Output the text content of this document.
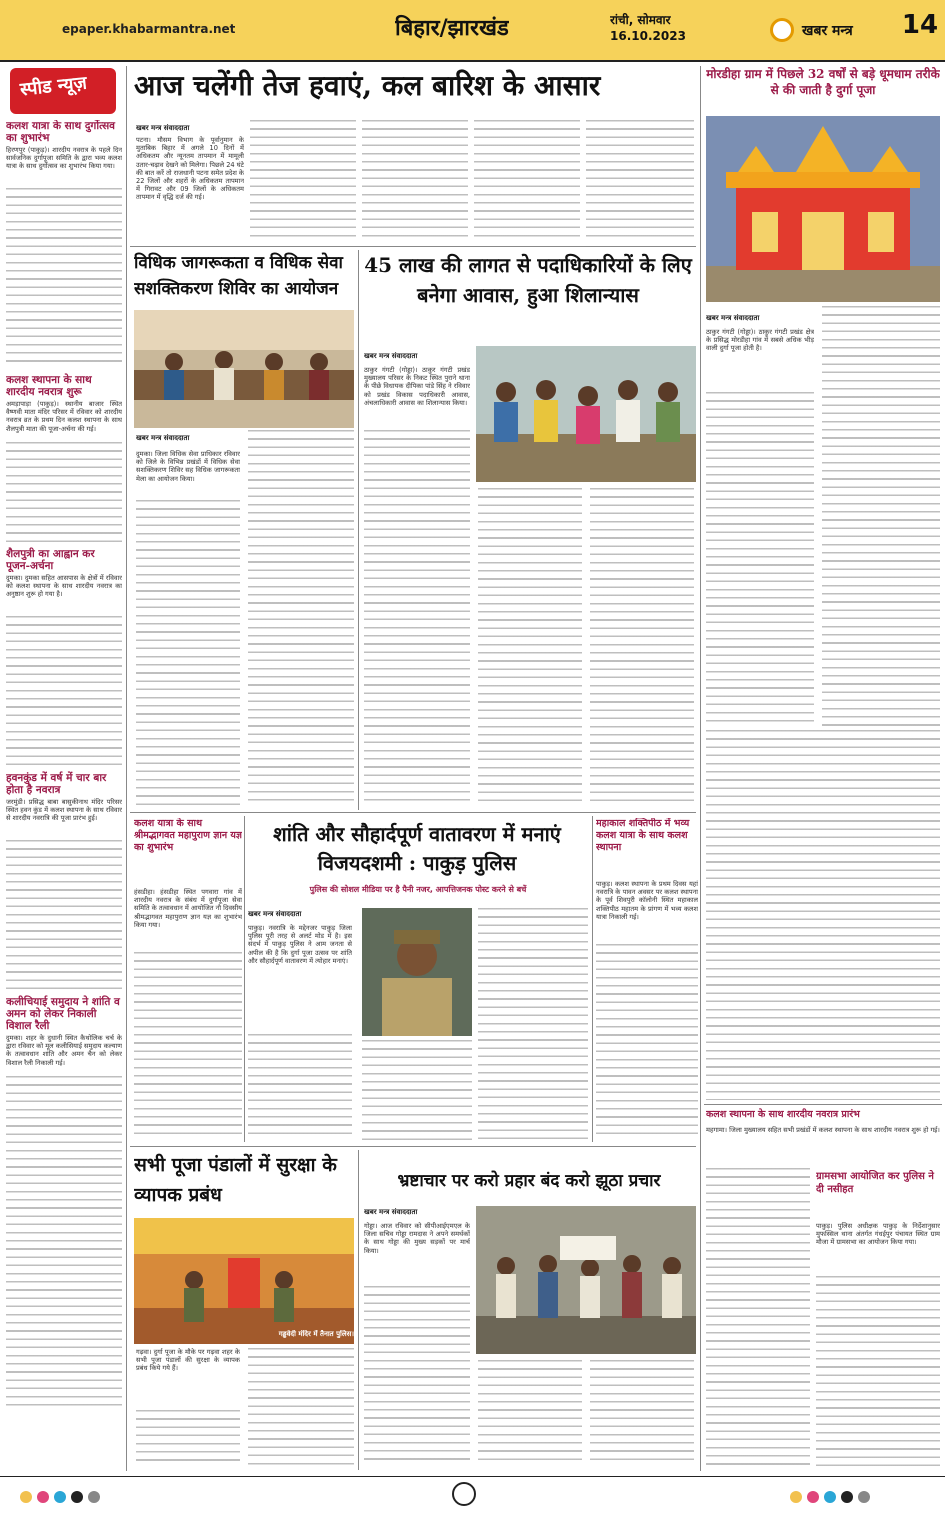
epaper.khabarmantra.net	बिहार/झारखंड	रांची, सोमवार
16.10.2023	खबर मन्त्र 14
स्पीड न्यूज़
कलश यात्रा के साथ दुर्गोत्सव का शुभारंभ
हिरणपुर (पाकुड़)। शारदीय नवरात्र के पहले दिन सार्वजनिक दुर्गापूजा समिति के द्वारा भव्य कलश यात्रा के साथ दुर्गोत्सव का शुभारंभ किया गया।
कलश स्थापना के साथ शारदीय नवरात्र शुरू
अमड़ापाड़ा (पाकुड़)। स्थानीय बाजार स्थित वैष्णवी माता मंदिर परिसर में रविवार को शारदीय नवरात्र व्रत के प्रथम दिन कलश स्थापना के साथ शैलपुत्री माता की पूजा-अर्चना की गई।
शैलपुत्री का आह्वान कर पूजन-अर्चना
दुमका। दुमका सहित आसपास के क्षेत्रों में रविवार को कलश स्थापना के साथ शारदीय नवरात्र का अनुष्ठान शुरू हो गया है।
हवनकुंड में वर्ष में चार बार होता है नवरात्र
जरमुंडी। प्रसिद्ध बाबा बासुकीनाथ मंदिर परिसर स्थित हवन कुंड में कलश स्थापना के साथ रविवार से शारदीय नवरात्रि की पूजा प्रारंभ हुई।
कलीचियाई समुदाय ने शांति व अमन को लेकर निकाली विशाल रैली
दुमका। शहर के दुधानी स्थित कैथोलिक चर्च के द्वारा रविवार को मूल कलीसियाई समुदाय कल्याण के तत्वावधान शांति और अमन चैन को लेकर विशाल रैली निकाली गई।
आज चलेंगी तेज हवाएं, कल बारिश के आसार
खबर मन्त्र संवाददाता
पटना। मौसम विभाग के पूर्वानुमान के मुताबिक बिहार में अगले 10 दिनों में अधिकतम और न्यूनतम तापमान में मामूली उतार-चढ़ाव देखने को मिलेगा। पिछले 24 घंटे की बात करें तो राजधानी पटना समेत प्रदेश के 22 जिलों और शहरों के अधिकतम तापमान में गिरावट और 09 जिलों के अधिकतम तापमान में वृद्धि दर्ज की गई।
विधिक जागरूकता व विधिक सेवा सशक्तिकरण शिविर का आयोजन
खबर मन्त्र संवाददाता
दुमका। जिला विधिक सेवा प्राधिकार रविवार को जिले के विभिन्न प्रखंडों में विधिक सेवा सशक्तिकरण शिविर सह विधिक जागरूकता मेला का आयोजन किया।
45 लाख की लागत से पदाधिकारियों के लिए बनेगा आवास, हुआ शिलान्यास
खबर मन्त्र संवाददाता
ठाकुर गंगटी (गोड्डा)। ठाकुर गंगटी प्रखंड मुख्यालय परिसर के निकट स्थित पुराने थाना के पीछे विधायक दीपिका पांडे सिंह ने रविवार को प्रखंड विकास पदाधिकारी आवास, अंचलाधिकारी आवास का शिलान्यास किया।
मोरडीहा ग्राम में पिछले 32 वर्षों से बड़े धूमधाम तरीके से की जाती है दुर्गा पूजा
खबर मन्त्र संवाददाता
ठाकुर गंगटी (गोड्डा)। ठाकुर गंगटी प्रखंड क्षेत्र के प्रसिद्ध मोरडीहा गांव में सबसे अधिक भीड़ वाली दुर्गा पूजा होती है।
शांति और सौहार्दपूर्ण वातावरण में मनाएं विजयदशमी : पाकुड़ पुलिस
पुलिस की सोशल मीडिया पर है पैनी नजर, आपत्तिजनक पोस्ट करने से बचें
खबर मन्त्र संवाददाता
पाकुड़। नवरात्रि के मद्देनजर पाकुड़ जिला पुलिस पूरी तरह से अलर्ट मोड में है। इस संदर्भ में पाकुड़ पुलिस ने आम जनता से अपील की है कि दुर्गा पूजा उत्सव पर शांति और सौहार्दपूर्ण वातावरण में त्योहार मनाएं।
कलश यात्रा के साथ श्रीमद्भागवत महापुराण ज्ञान यज्ञ का शुभारंभ
हंसडीहा। हंसडीहा स्थित पगवारा गांव में शारदीय नवरात्र के संबंध में दुर्गापूजा सेवा समिति के तत्वावधान में आयोजित नौ दिवसीय श्रीमद्भागवत महापुराण ज्ञान यज्ञ का शुभारंभ किया गया।
महाकाल शक्तिपीठ में भव्य कलश यात्रा के साथ कलश स्थापना
पाकुड़। कलश स्थापना के प्रथम दिवस यहां नवरात्रि के पावन अवसर पर कलश स्थापना के पूर्व शिवपुरी कॉलोनी स्थित महाकाल शक्तिपीठ महातम के प्रांगण में भव्य कलश यात्रा निकाली गई।
कलश स्थापना के साथ शारदीय नवरात्र प्रारंभ
महगामा। जिला मुख्यालय सहित सभी प्रखंडों में कलश स्थापना के साथ शारदीय नवरात्र शुरू हो गई।
सभी पूजा पंडालों में सुरक्षा के व्यापक प्रबंध
गड्ढवेदी मंदिर में तैनात पुलिस।
गढ़वा। दुर्गा पूजा के मौके पर गढ़वा शहर के सभी पूजा पंडालों की सुरक्षा के व्यापक प्रबंध किये गये हैं।
भ्रष्टाचार पर करो प्रहार बंद करो झूठा प्रचार
खबर मन्त्र संवाददाता
गोड्डा। आज रविवार को सीपीआईएमएल के जिला सचिव गोड्डा रामदास ने अपने समर्थकों के साथ गोड्डा की मुख्य सड़कों पर मार्च किया।
ग्रामसभा आयोजित कर पुलिस ने दी नसीहत
पाकुड़। पुलिस अधीक्षक पाकुड़ के निर्देशानुसार मुफस्सिल थाना अंतर्गत गंधईपुर पंचायत स्थित ग्राम मौजा में ग्रामसभा का आयोजन किया गया।
